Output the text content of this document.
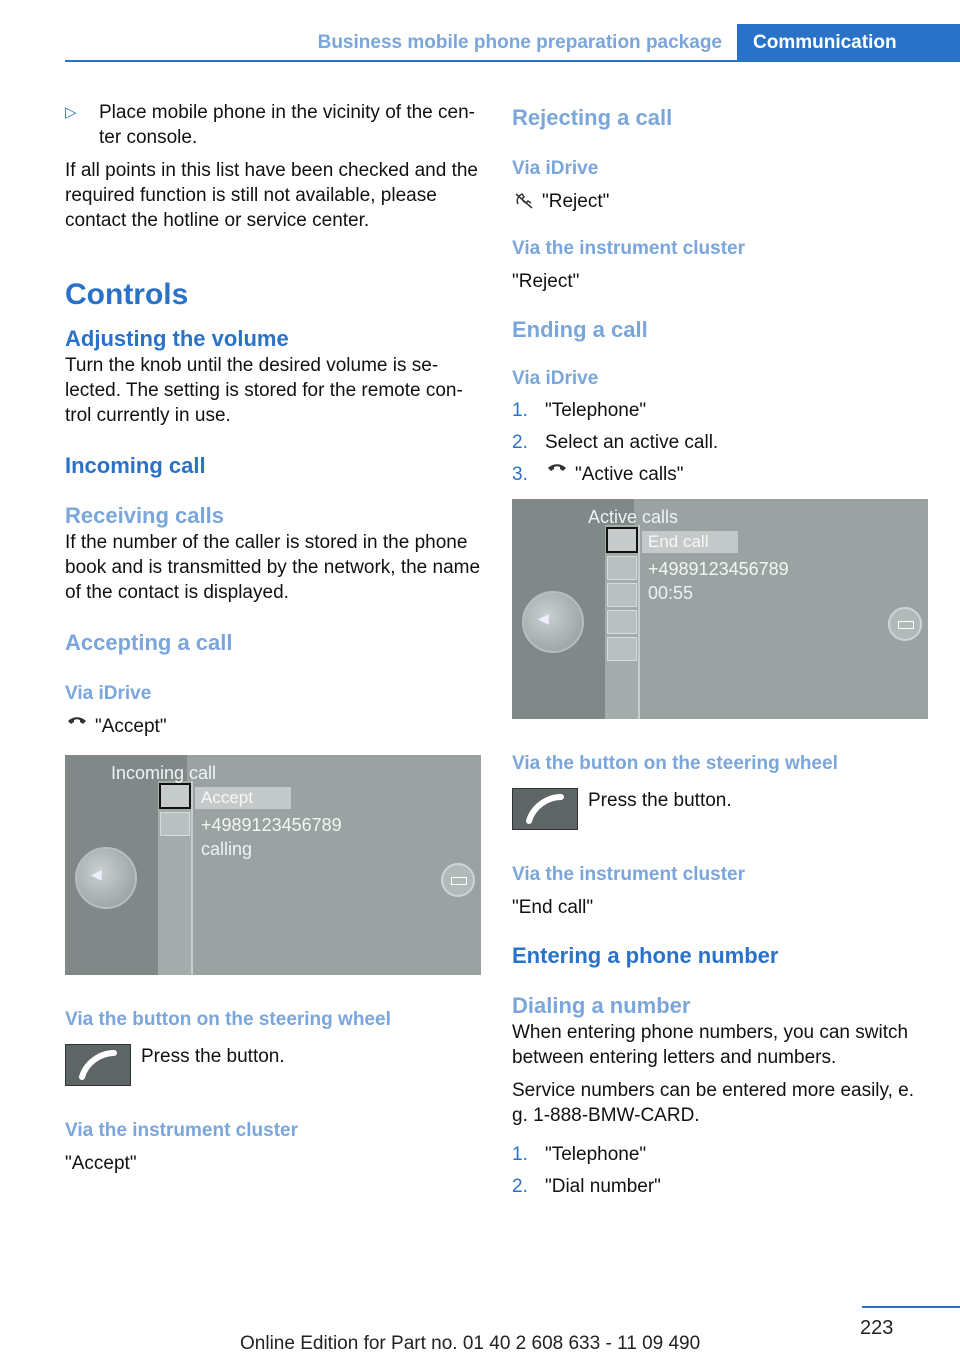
Business mobile phone preparation package	Communication
▷	Place mobile phone in the vicinity of the cen‐ ter console.

If all points in this list have been checked and the required function is still not available, please contact the hotline or service center.

Controls
Adjusting the volume

Turn the knob until the desired volume is se‐ lected. The setting is stored for the remote con‐ trol currently in use.

Incoming call
Receiving calls

If the number of the caller is stored in the phone book and is transmitted by the network, the name of the contact is displayed.

Accepting a call
Via iDrive

"Accept"

◀
Incoming call
Accept
+4989123456789
calling
Via the button on the steering wheel
Press the button.
Via the instrument cluster

"Accept"

Rejecting a call
Via iDrive

"Reject"

Via the instrument cluster

"Reject"

Ending a call
Via iDrive
1. "Telephone"
2. Select an active call.
3.	"Active calls"
◀
Active calls
End call
+4989123456789
00:55
Via the button on the steering wheel
Press the button.
Via the instrument cluster

"End call"

Entering a phone number
Dialing a number

When entering phone numbers, you can switch between entering letters and numbers.

Service numbers can be entered more easily, e. g. 1-888-BMW-CARD.

1. "Telephone"
2. "Dial number"
223
Online Edition for Part no. 01 40 2 608 633 - 11 09 490
